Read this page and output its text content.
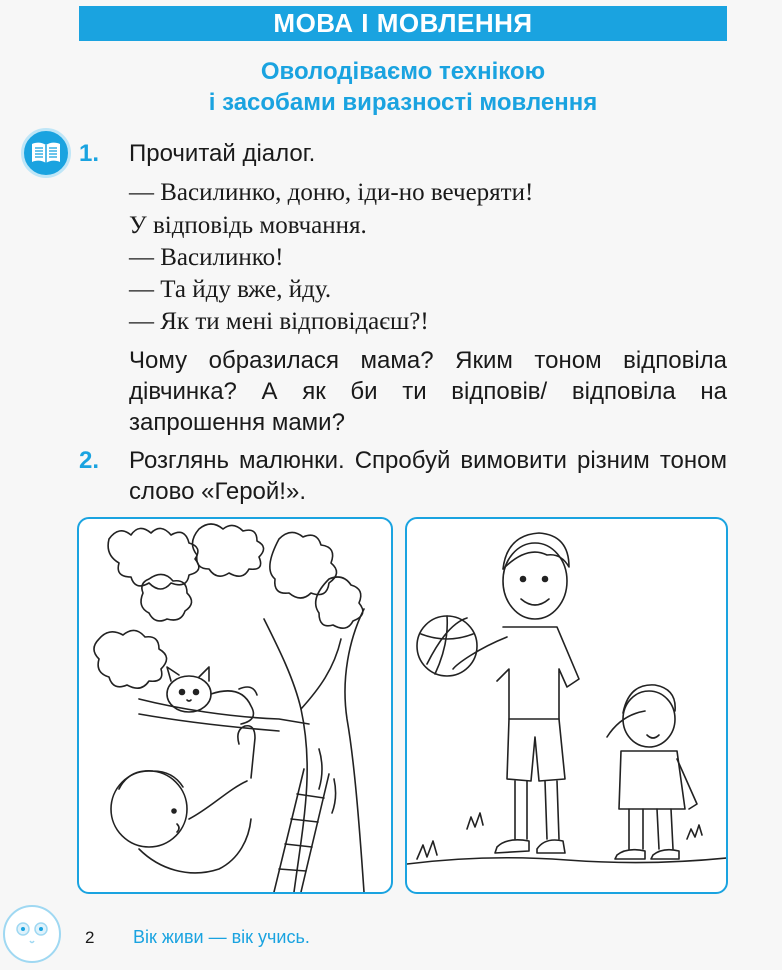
МОВА І МОВЛЕННЯ
Оволодіваємо технікою
і засобами виразності мовлення
1. Прочитай діалог.
— Василинко, доню, іди-но вечеряти!
У відповідь мовчання.
— Василинко!
— Та йду вже, йду.
— Як ти мені відповідаєш?!
Чому образилася мама? Яким тоном відповіла дівчинка? А як би ти відповів/ відповіла на запрошення мами?
2. Розглянь малюнки. Спробуй вимовити різним тоном слово «Герой!».
2 Вік живи — вік учись.
